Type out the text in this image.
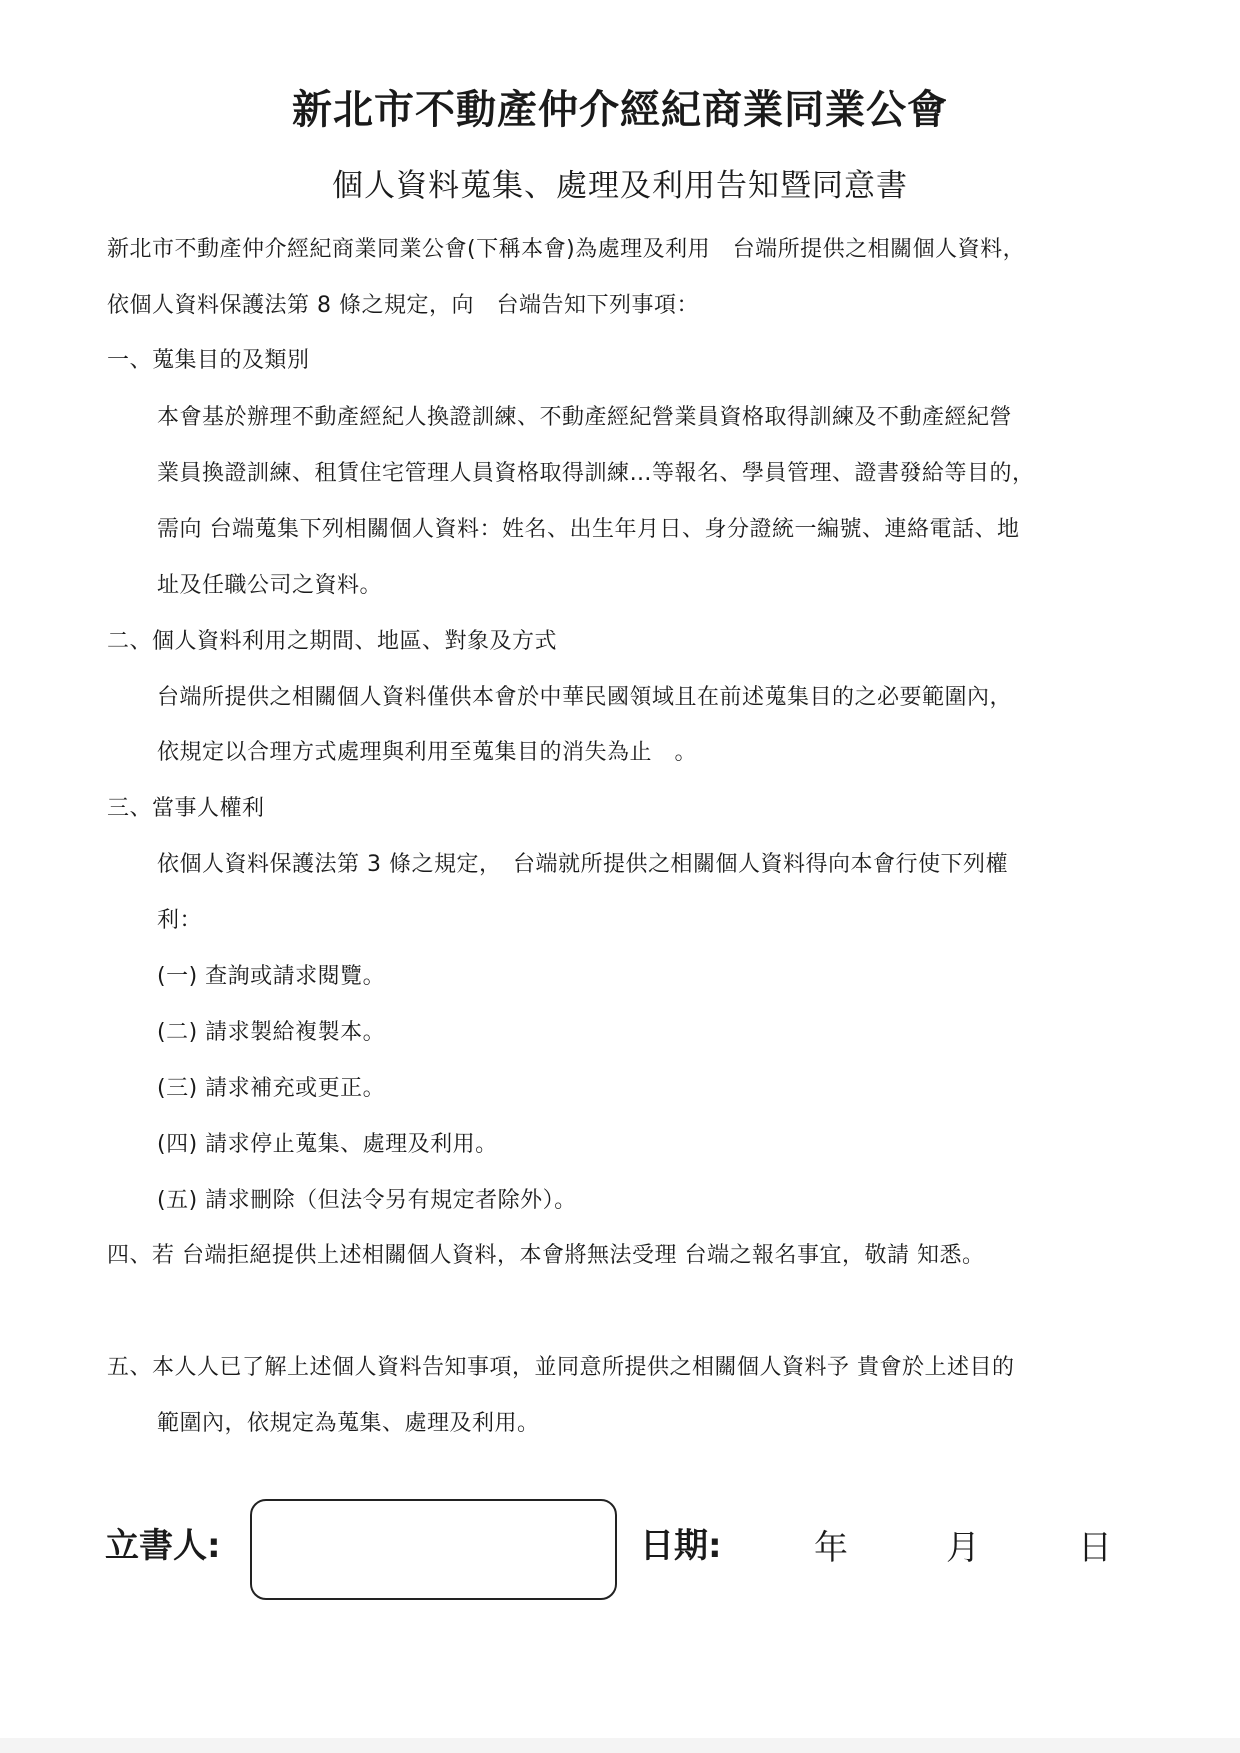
新北市不動產仲介經紀商業同業公會
個人資料蒐集、處理及利用告知暨同意書
新北市不動產仲介經紀商業同業公會(下稱本會)為處理及利用　台端所提供之相關個人資料，
依個人資料保護法第 8 條之規定，向　台端告知下列事項：
一、蒐集目的及類別
本會基於辦理不動產經紀人換證訓練、不動產經紀營業員資格取得訓練及不動產經紀營
業員換證訓練、租賃住宅管理人員資格取得訓練…等報名、學員管理、證書發給等目的，
需向 台端蒐集下列相關個人資料：姓名、出生年月日、身分證統一編號、連絡電話、地
址及任職公司之資料。
二、個人資料利用之期間、地區、對象及方式
台端所提供之相關個人資料僅供本會於中華民國領域且在前述蒐集目的之必要範圍內，
依規定以合理方式處理與利用至蒐集目的消失為止　。
三、當事人權利
依個人資料保護法第 3 條之規定，　台端就所提供之相關個人資料得向本會行使下列權
利：
(一) 查詢或請求閱覽。
(二) 請求製給複製本。
(三) 請求補充或更正。
(四) 請求停止蒐集、處理及利用。
(五) 請求刪除（但法令另有規定者除外）。
四、若 台端拒絕提供上述相關個人資料，本會將無法受理 台端之報名事宜，敬請 知悉。
五、本人人已了解上述個人資料告知事項，並同意所提供之相關個人資料予 貴會於上述目的
範圍內，依規定為蒐集、處理及利用。
立書人:	日期:	年	月	日
